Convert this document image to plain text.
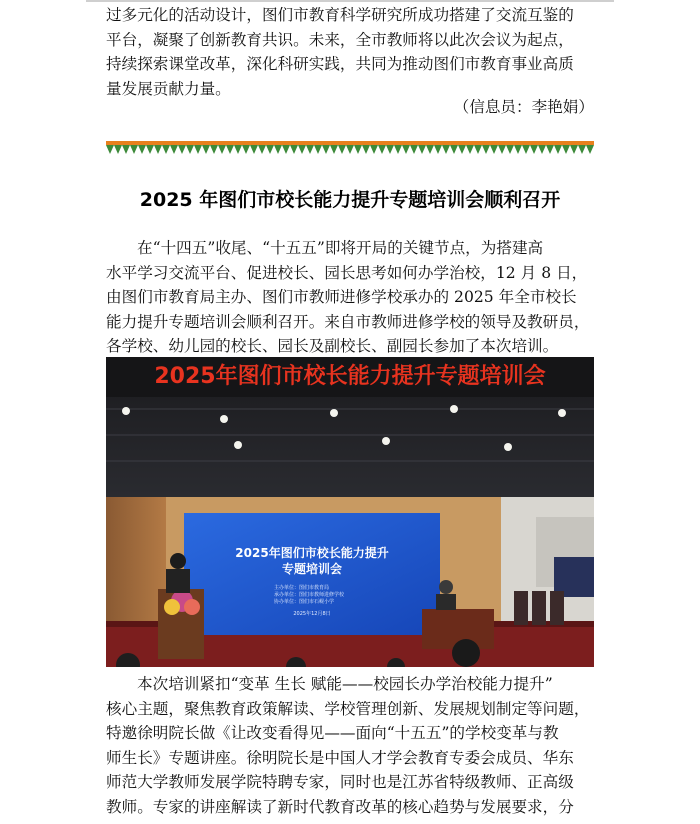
过多元化的活动设计，图们市教育科学研究所成功搭建了交流互鉴的
平台，凝聚了创新教育共识。未来，全市教师将以此次会议为起点，
持续探索课堂改革，深化科研实践，共同为推动图们市教育事业高质
量发展贡献力量。

（信息员：李艳娟）
2025 年图们市校长能力提升专题培训会顺利召开

在“十四五”收尾、“十五五”即将开局的关键节点，为搭建高
水平学习交流平台、促进校长、园长思考如何办学治校，12 月 8 日，
由图们市教育局主办、图们市教师进修学校承办的 2025 年全市校长
能力提升专题培训会顺利召开。来自市教师进修学校的领导及教研员，
各学校、幼儿园的校长、园长及副校长、副园长参加了本次培训。

2025年图们市校长能力提升专题培训会
2025年图们市校长能力提升
专题培训会
主办单位：图们市教育局
承办单位：图们市教师进修学校
协办单位：图们市石岘小学
2025年12月8日

本次培训紧扣“变革 生长 赋能——校园长办学治校能力提升”
核心主题，聚焦教育政策解读、学校管理创新、发展规划制定等问题，
特邀徐明院长做《让改变看得见——面向“十五五”的学校变革与教
师生长》专题讲座。徐明院长是中国人才学会教育专委会成员、华东
师范大学教师发展学院特聘专家，同时也是江苏省特级教师、正高级
教师。专家的讲座解读了新时代教育改革的核心趋势与发展要求，分
